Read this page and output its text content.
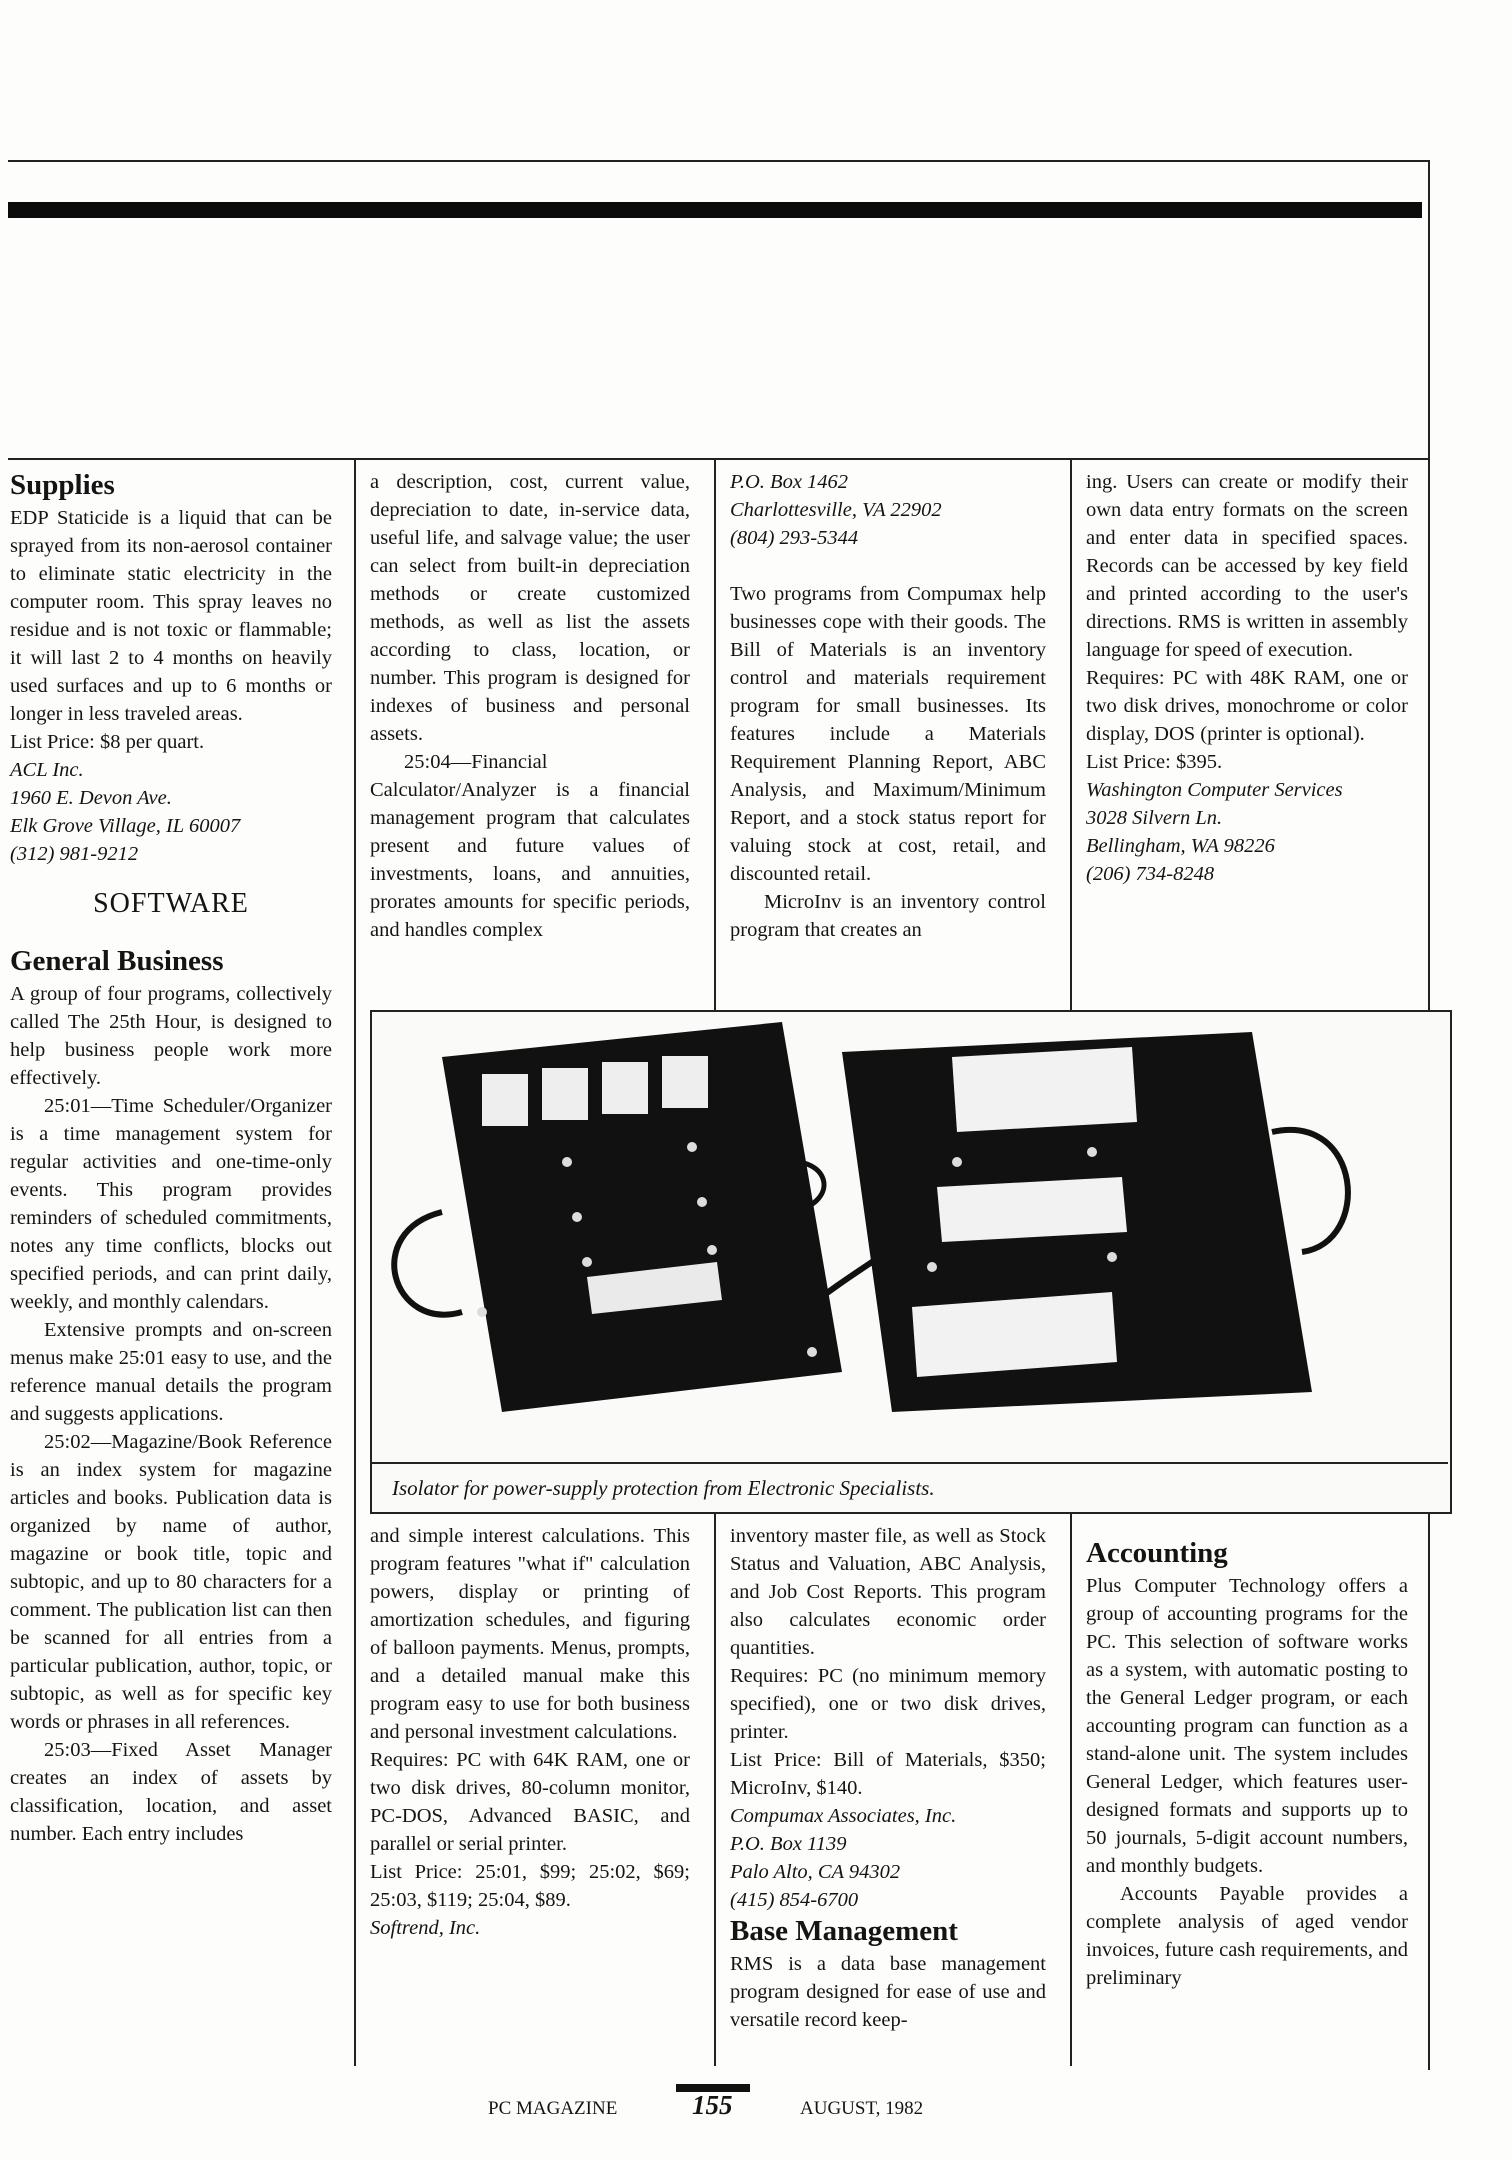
Supplies

EDP Staticide is a liquid that can be sprayed from its non-aerosol container to eliminate static electricity in the computer room. This spray leaves no residue and is not toxic or flammable; it will last 2 to 4 months on heavily used surfaces and up to 6 months or longer in less traveled areas.

List Price: $8 per quart.

ACL Inc.

1960 E. Devon Ave.

Elk Grove Village, IL 60007

(312) 981-9212

SOFTWARE
General Business

A group of four programs, collectively called The 25th Hour, is designed to help business people work more effectively.

25:01—Time Scheduler/Organizer is a time management system for regular activities and one-time-only events. This program provides reminders of scheduled commitments, notes any time conflicts, blocks out specified periods, and can print daily, weekly, and monthly calendars.

Extensive prompts and on-screen menus make 25:01 easy to use, and the reference manual details the program and suggests applications.

25:02—Magazine/Book Reference is an index system for magazine articles and books. Publication data is organized by name of author, magazine or book title, topic and subtopic, and up to 80 characters for a comment. The publication list can then be scanned for all entries from a particular publication, author, topic, or subtopic, as well as for specific key words or phrases in all references.

25:03—Fixed Asset Manager creates an index of assets by classification, location, and asset number. Each entry includes

a description, cost, current value, depreciation to date, in-service data, useful life, and salvage value; the user can select from built-in depreciation methods or create customized methods, as well as list the assets according to class, location, or number. This program is designed for indexes of business and personal assets.

25:04—Financial Calculator/Analyzer is a financial management program that calculates present and future values of investments, loans, and annuities, prorates amounts for specific periods, and handles complex

P.O. Box 1462

Charlottesville, VA 22902

(804) 293-5344

Two programs from Compumax help businesses cope with their goods. The Bill of Materials is an inventory control and materials requirement program for small businesses. Its features include a Materials Requirement Planning Report, ABC Analysis, and Maximum/Minimum Report, and a stock status report for valuing stock at cost, retail, and discounted retail.

MicroInv is an inventory control program that creates an

ing. Users can create or modify their own data entry formats on the screen and enter data in specified spaces. Records can be accessed by key field and printed according to the user's directions. RMS is written in assembly language for speed of execution.

Requires: PC with 48K RAM, one or two disk drives, monochrome or color display, DOS (printer is optional).

List Price: $395.

Washington Computer Services

3028 Silvern Ln.

Bellingham, WA 98226

(206) 734-8248

Isolator for power-supply protection from Electronic Specialists.

and simple interest calculations. This program features "what if" calculation powers, display or printing of amortization schedules, and figuring of balloon payments. Menus, prompts, and a detailed manual make this program easy to use for both business and personal investment calculations.

Requires: PC with 64K RAM, one or two disk drives, 80-column monitor, PC-DOS, Advanced BASIC, and parallel or serial printer.

List Price: 25:01, $99; 25:02, $69; 25:03, $119; 25:04, $89.

Softrend, Inc.

inventory master file, as well as Stock Status and Valuation, ABC Analysis, and Job Cost Reports. This program also calculates economic order quantities.

Requires: PC (no minimum memory specified), one or two disk drives, printer.

List Price: Bill of Materials, $350; MicroInv, $140.

Compumax Associates, Inc.

P.O. Box 1139

Palo Alto, CA 94302

(415) 854-6700

Base Management

RMS is a data base management program designed for ease of use and versatile record keep-

Accounting

Plus Computer Technology offers a group of accounting programs for the PC. This selection of software works as a system, with automatic posting to the General Ledger program, or each accounting program can function as a stand-alone unit. The system includes General Ledger, which features user-designed formats and supports up to 50 journals, 5-digit account numbers, and monthly budgets.

Accounts Payable provides a complete analysis of aged vendor invoices, future cash requirements, and preliminary

PC MAGAZINE	155	AUGUST, 1982
